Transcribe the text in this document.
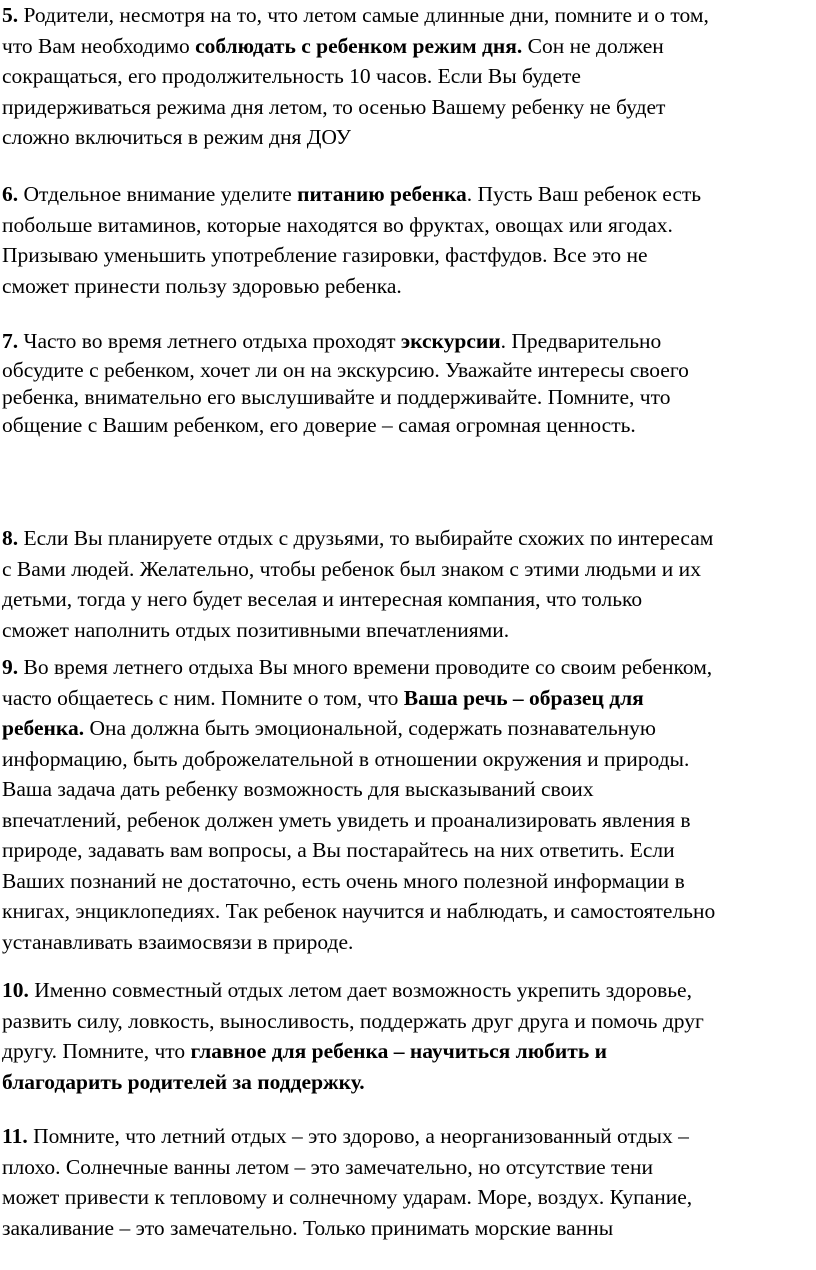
5. Родители, несмотря на то, что летом самые длинные дни, помните и о том,
что Вам необходимо соблюдать с ребенком режим дня. Сон не должен
сокращаться, его продолжительность 10 часов. Если Вы будете
придерживаться режима дня летом, то осенью Вашему ребенку не будет
сложно включиться в режим дня ДОУ
6. Отдельное внимание уделите питанию ребенка. Пусть Ваш ребенок есть
побольше витаминов, которые находятся во фруктах, овощах или ягодах.
Призываю уменьшить употребление газировки, фастфудов. Все это не
сможет принести пользу здоровью ребенка.
7. Часто во время летнего отдыха проходят экскурсии. Предварительно
обсудите с ребенком, хочет ли он на экскурсию. Уважайте интересы своего
ребенка, внимательно его выслушивайте и поддерживайте. Помните, что
общение с Вашим ребенком, его доверие – самая огромная ценность.
8. Если Вы планируете отдых с друзьями, то выбирайте схожих по интересам
с Вами людей. Желательно, чтобы ребенок был знаком с этими людьми и их
детьми, тогда у него будет веселая и интересная компания, что только
сможет наполнить отдых позитивными впечатлениями.
9. Во время летнего отдыха Вы много времени проводите со своим ребенком,
часто общаетесь с ним. Помните о том, что Ваша речь – образец для
ребенка. Она должна быть эмоциональной, содержать познавательную
информацию, быть доброжелательной в отношении окружения и природы.
Ваша задача дать ребенку возможность для высказываний своих
впечатлений, ребенок должен уметь увидеть и проанализировать явления в
природе, задавать вам вопросы, а Вы постарайтесь на них ответить. Если
Ваших познаний не достаточно, есть очень много полезной информации в
книгах, энциклопедиях. Так ребенок научится и наблюдать, и самостоятельно
устанавливать взаимосвязи в природе.
10. Именно совместный отдых летом дает возможность укрепить здоровье,
развить силу, ловкость, выносливость, поддержать друг друга и помочь друг
другу. Помните, что главное для ребенка – научиться любить и
благодарить родителей за поддержку.
11. Помните, что летний отдых – это здорово, а неорганизованный отдых –
плохо. Солнечные ванны летом – это замечательно, но отсутствие тени
может привести к тепловому и солнечному ударам. Море, воздух. Купание,
закаливание – это замечательно. Только принимать морские ванны
